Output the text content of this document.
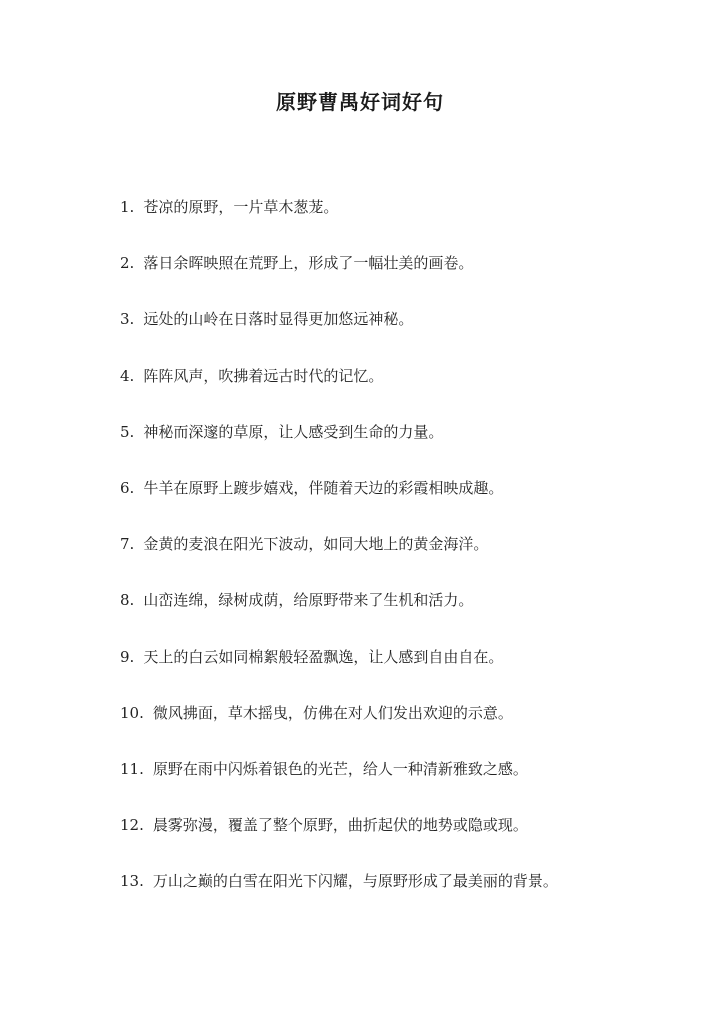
原野曹禺好词好句
1. 苍凉的原野，一片草木葱茏。
2. 落日余晖映照在荒野上，形成了一幅壮美的画卷。
3. 远处的山岭在日落时显得更加悠远神秘。
4. 阵阵风声，吹拂着远古时代的记忆。
5. 神秘而深邃的草原，让人感受到生命的力量。
6. 牛羊在原野上踱步嬉戏，伴随着天边的彩霞相映成趣。
7. 金黄的麦浪在阳光下波动，如同大地上的黄金海洋。
8. 山峦连绵，绿树成荫，给原野带来了生机和活力。
9. 天上的白云如同棉絮般轻盈飘逸，让人感到自由自在。
10. 微风拂面，草木摇曳，仿佛在对人们发出欢迎的示意。
11. 原野在雨中闪烁着银色的光芒，给人一种清新雅致之感。
12. 晨雾弥漫，覆盖了整个原野，曲折起伏的地势或隐或现。
13. 万山之巅的白雪在阳光下闪耀，与原野形成了最美丽的背景。
